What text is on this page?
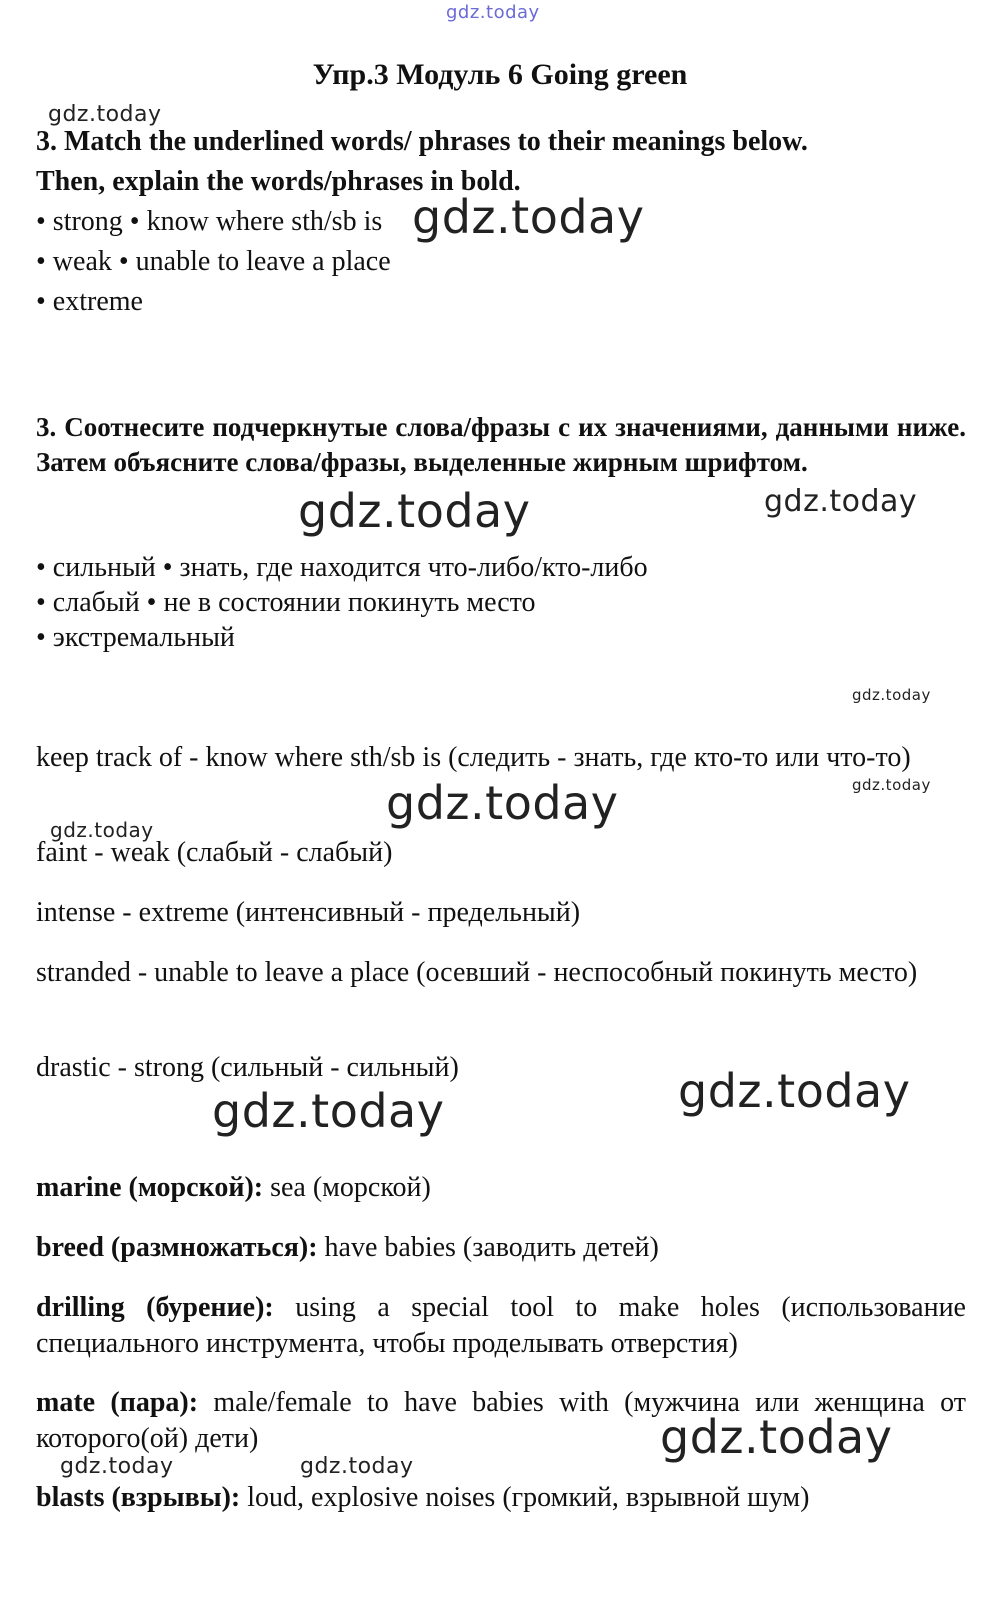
gdz.today
gdz.today
gdz.today
gdz.today	gdz.today
gdz.today
gdz.today
gdz.today
gdz.today
gdz.today
gdz.today
gdz.today
gdz.today	gdz.today
Упр.3 Модуль 6 Going green
3. Match the underlined words/ phrases to their meanings below.
Then, explain the words/phrases in bold.
• strong • know where sth/sb is
• weak • unable to leave a place
• extreme
3. Соотнесите подчеркнутые слова/фразы с их значениями, данными ниже. Затем объясните слова/фразы, выделенные жирным шрифтом.
• сильный • знать, где находится что-либо/кто-либо
• слабый • не в состоянии покинуть место
• экстремальный
keep track of - know where sth/sb is (следить - знать, где кто-то или что-то)
faint - weak (слабый - слабый)
intense - extreme (интенсивный - предельный)
stranded - unable to leave a place (осевший - неспособный покинуть место)
drastic - strong (сильный - сильный)
marine (морской): sea (морской)
breed (размножаться): have babies (заводить детей)
drilling (бурение): using a special tool to make holes (использование специального инструмента, чтобы проделывать отверстия)
mate (пара): male/female to have babies with (мужчина или женщина от которого(ой) дети)
blasts (взрывы): loud, explosive noises (громкий, взрывной шум)
